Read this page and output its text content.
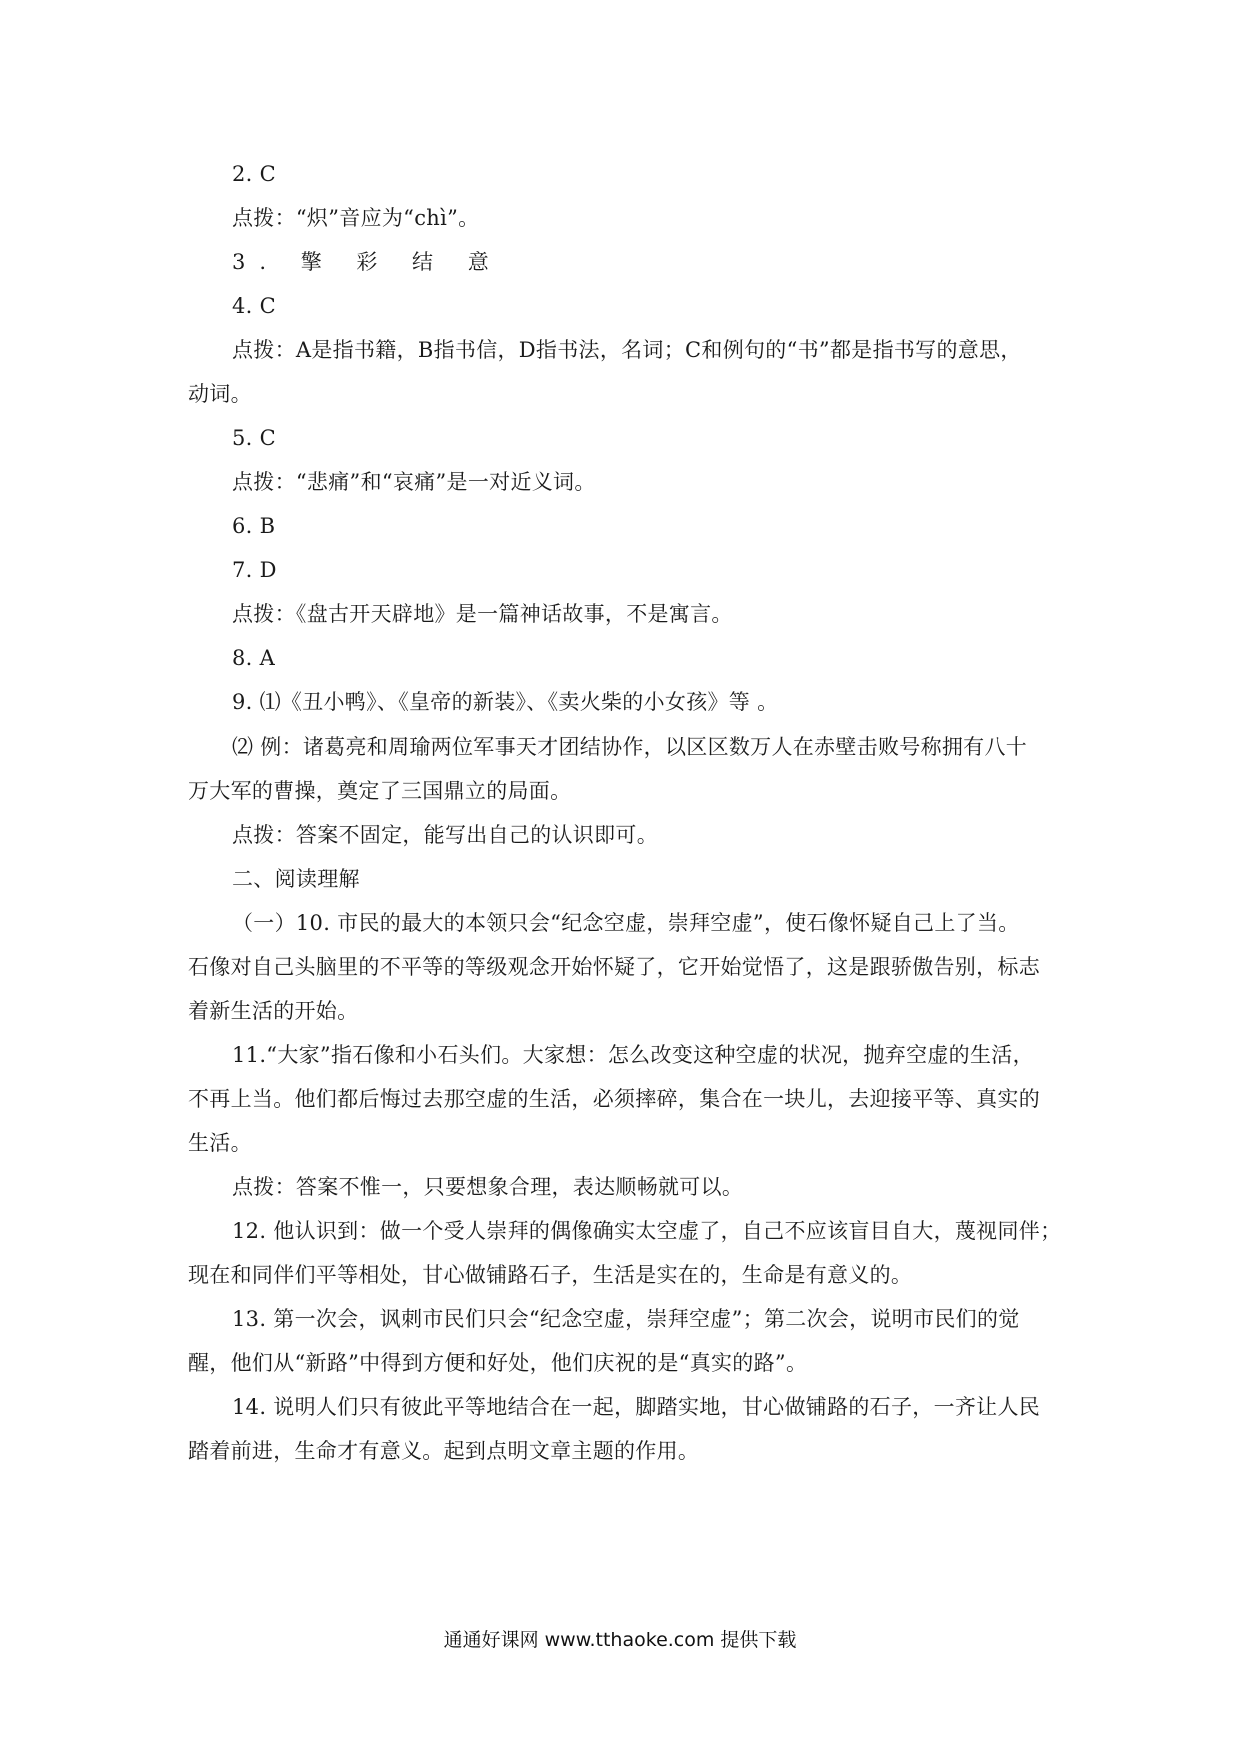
2. C
点拨：“炽”音应为“chì”。
3. 擎 彩 结 意
4. C
点拨：A是指书籍，B指书信，D指书法，名词；C和例句的“书”都是指书写的意思，
动词。
5. C
点拨：“悲痛”和“哀痛”是一对近义词。
6. B
7. D
点拨：《盘古开天辟地》是一篇神话故事，不是寓言。
8. A
9. ⑴《丑小鸭》、《皇帝的新装》、《卖火柴的小女孩》等 。
⑵ 例：诸葛亮和周瑜两位军事天才团结协作，以区区数万人在赤壁击败号称拥有八十
万大军的曹操，奠定了三国鼎立的局面。
点拨：答案不固定，能写出自己的认识即可。
二、阅读理解
（一）10. 市民的最大的本领只会“纪念空虚，崇拜空虚”，使石像怀疑自己上了当。
石像对自己头脑里的不平等的等级观念开始怀疑了，它开始觉悟了，这是跟骄傲告别，标志
着新生活的开始。
11.“大家”指石像和小石头们。大家想：怎么改变这种空虚的状况，抛弃空虚的生活，
不再上当。他们都后悔过去那空虚的生活，必须摔碎，集合在一块儿，去迎接平等、真实的
生活。
点拨：答案不惟一，只要想象合理，表达顺畅就可以。
12. 他认识到：做一个受人崇拜的偶像确实太空虚了，自己不应该盲目自大，蔑视同伴；
现在和同伴们平等相处，甘心做铺路石子，生活是实在的，生命是有意义的。
13. 第一次会，讽刺市民们只会“纪念空虚，崇拜空虚”；第二次会，说明市民们的觉
醒，他们从“新路”中得到方便和好处，他们庆祝的是“真实的路”。
14. 说明人们只有彼此平等地结合在一起，脚踏实地，甘心做铺路的石子，一齐让人民
踏着前进，生命才有意义。起到点明文章主题的作用。
通通好课网 www.tthaoke.com 提供下载
